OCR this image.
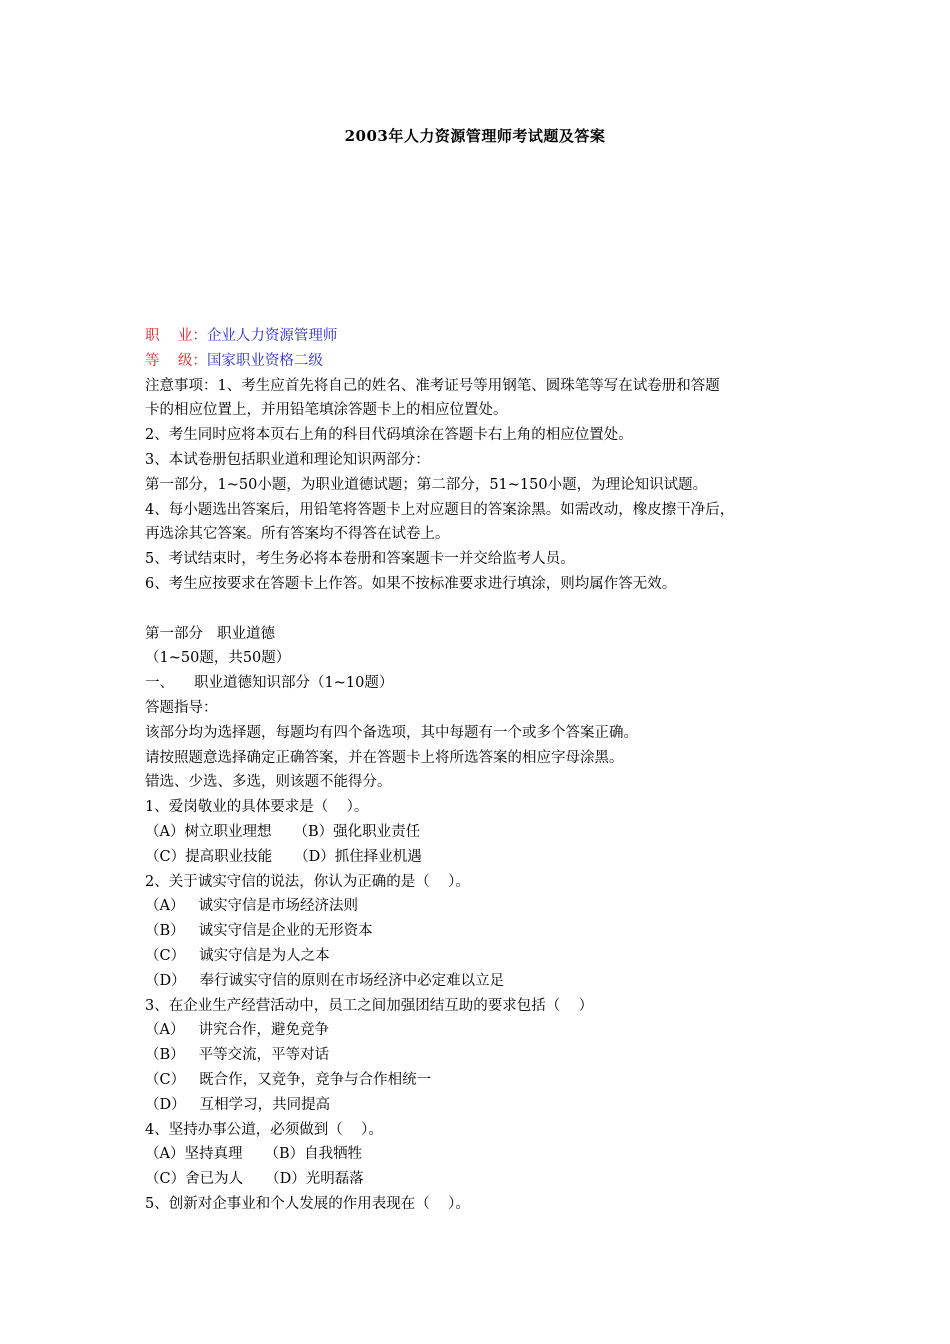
2003年人力资源管理师考试题及答案
职    业：企业人力资源管理师
等    级：国家职业资格二级
注意事项：1、考生应首先将自己的姓名、准考证号等用钢笔、圆珠笔等写在试卷册和答题
卡的相应位置上，并用铅笔填涂答题卡上的相应位置处。
2、考生同时应将本页右上角的科目代码填涂在答题卡右上角的相应位置处。
3、本试卷册包括职业道和理论知识两部分：
第一部分，1~50小题，为职业道德试题；第二部分，51~150小题，为理论知识试题。
4、每小题选出答案后，用铅笔将答题卡上对应题目的答案涂黑。如需改动，橡皮擦干净后，
再选涂其它答案。所有答案均不得答在试卷上。
5、考试结束时，考生务必将本卷册和答案题卡一并交给监考人员。
6、考生应按要求在答题卡上作答。如果不按标准要求进行填涂，则均属作答无效。
第一部分 职业道德
（1~50题，共50题）
一、 职业道德知识部分（1~10题）
答题指导：
该部分均为选择题，每题均有四个备选项，其中每题有一个或多个答案正确。
请按照题意选择确定正确答案，并在答题卡上将所选答案的相应字母涂黑。
错选、少选、多选，则该题不能得分。
1、爱岗敬业的具体要求是（    ）。
（A）树立职业理想 （B）强化职业责任
（C）提高职业技能 （D）抓住择业机遇
2、关于诚实守信的说法，你认为正确的是（    ）。
（A） 诚实守信是市场经济法则
（B） 诚实守信是企业的无形资本
（C） 诚实守信是为人之本
（D） 奉行诚实守信的原则在市场经济中必定难以立足
3、在企业生产经营活动中，员工之间加强团结互助的要求包括（    ）
（A） 讲究合作，避免竞争
（B） 平等交流，平等对话
（C） 既合作，又竞争，竞争与合作相统一
（D） 互相学习，共同提高
4、坚持办事公道，必须做到（    ）。
（A）坚持真理 （B）自我牺牲
（C）舍已为人 （D）光明磊落
5、创新对企事业和个人发展的作用表现在（    ）。
